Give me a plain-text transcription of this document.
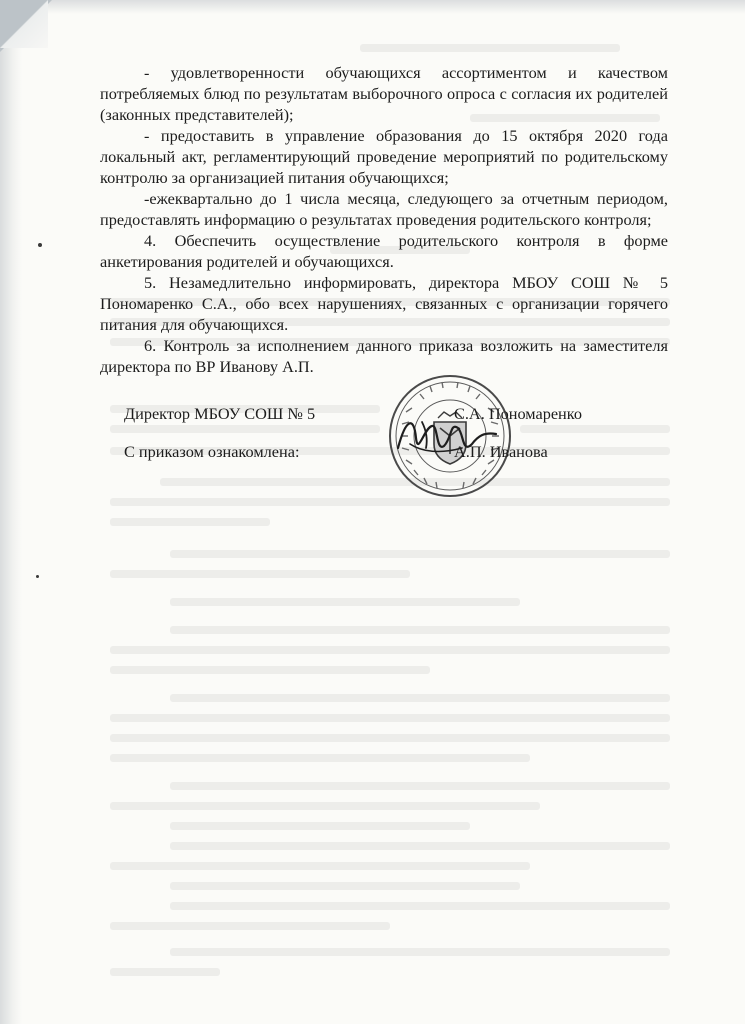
- удовлетворенности обучающихся ассортиментом и качеством потребляемых блюд по результатам выборочного опроса с согласия их родителей (законных представителей);

- предоставить в управление образования до 15 октября 2020 года локальный акт, регламентирующий проведение мероприятий по родительскому контролю за организацией питания обучающихся;

-ежеквартально до 1 числа месяца, следующего за отчетным периодом, предоставлять информацию о результатах проведения родительского контроля;

4. Обеспечить осуществление родительского контроля в форме анкетирования родителей и обучающихся.

5. Незамедлительно информировать, директора МБОУ СОШ № 5 Пономаренко С.А., обо всех нарушениях, связанных с организации горячего питания для обучающихся.

6. Контроль за исполнением данного приказа возложить на заместителя директора по ВР Иванову А.П.

Директор МБОУ СОШ № 5	С.А. Пономаренко
С приказом ознакомлена:	А.П. Иванова
